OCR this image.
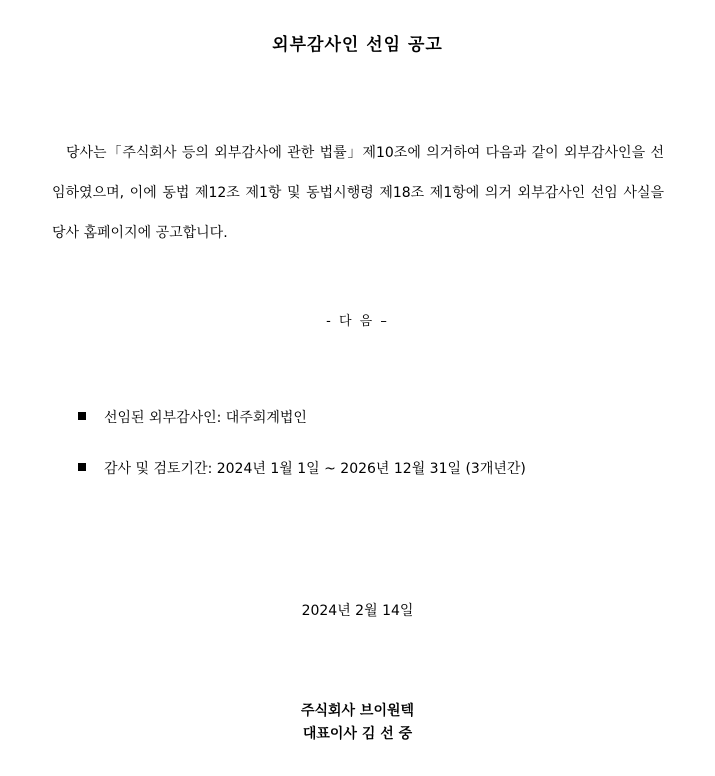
외부감사인 선임 공고

당사는「주식회사 등의 외부감사에 관한 법률」제10조에 의거하여 다음과 같이 외부감사인을 선임하였으며, 이에 동법 제12조 제1항 및 동법시행령 제18조 제1항에 의거 외부감사인 선임 사실을 당사 홈페이지에 공고합니다.

- 다 음 –
선임된 외부감사인: 대주회계법인
감사 및 검토기간: 2024년 1월 1일 ~ 2026년 12월 31일 (3개년간)
2024년 2월 14일
주식회사 브이원텍
대표이사 김 선 중
